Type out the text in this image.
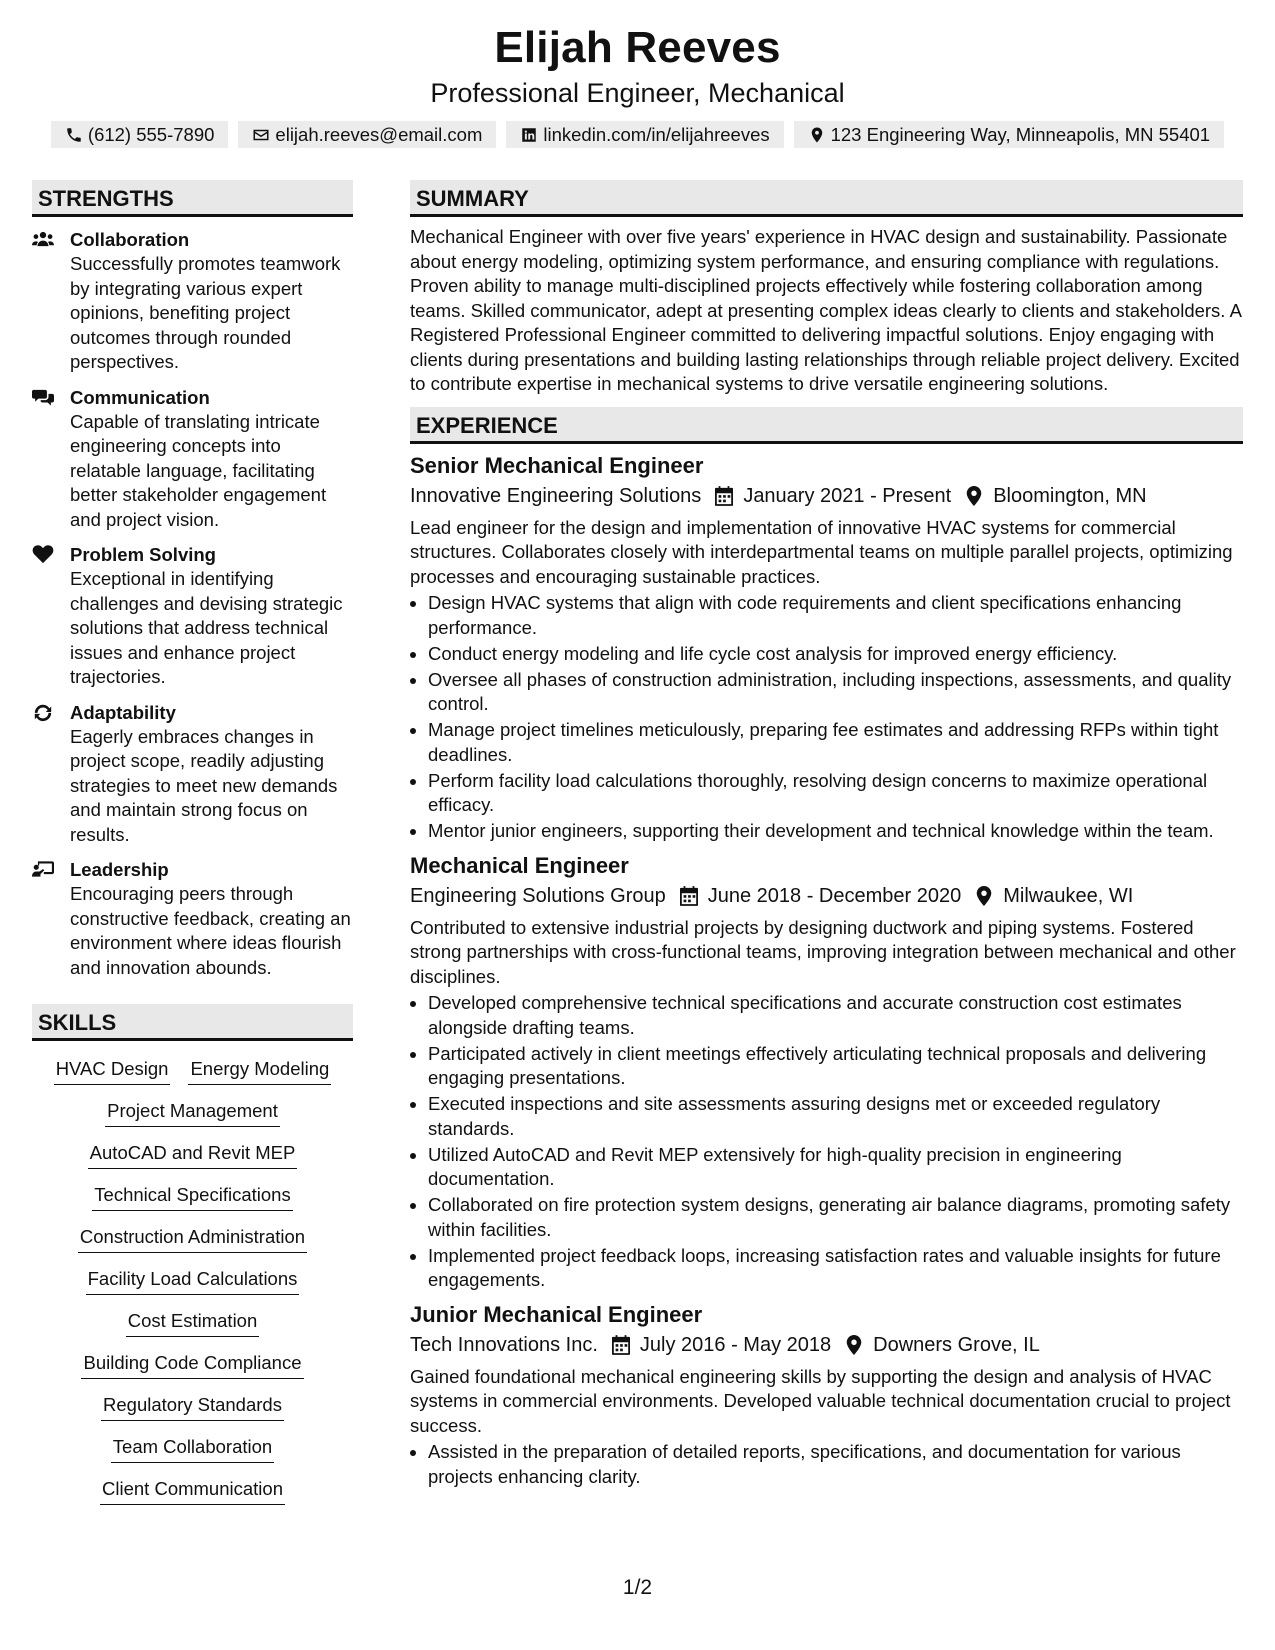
Elijah Reeves
Professional Engineer, Mechanical
(612) 555-7890	elijah.reeves@email.com	linkedin.com/in/elijahreeves	123 Engineering Way, Minneapolis, MN 55401
STRENGTHS
Collaboration
Successfully promotes teamwork by integrating various expert opinions, benefiting project outcomes through rounded perspectives.
Communication
Capable of translating intricate engineering concepts into relatable language, facilitating better stakeholder engagement and project vision.
Problem Solving
Exceptional in identifying challenges and devising strategic solutions that address technical issues and enhance project trajectories.
Adaptability
Eagerly embraces changes in project scope, readily adjusting strategies to meet new demands and maintain strong focus on results.
Leadership
Encouraging peers through constructive feedback, creating an environment where ideas flourish and innovation abounds.
SKILLS
HVAC Design Energy Modeling
Project Management
AutoCAD and Revit MEP
Technical Specifications
Construction Administration
Facility Load Calculations
Cost Estimation
Building Code Compliance
Regulatory Standards
Team Collaboration
Client Communication
SUMMARY
Mechanical Engineer with over five years' experience in HVAC design and sustainability. Passionate about energy modeling, optimizing system performance, and ensuring compliance with regulations. Proven ability to manage multi-disciplined projects effectively while fostering collaboration among teams. Skilled communicator, adept at presenting complex ideas clearly to clients and stakeholders. A Registered Professional Engineer committed to delivering impactful solutions. Enjoy engaging with clients during presentations and building lasting relationships through reliable project delivery. Excited to contribute expertise in mechanical systems to drive versatile engineering solutions.
EXPERIENCE
Senior Mechanical Engineer
Innovative Engineering Solutions January 2021 - Present Bloomington, MN
Lead engineer for the design and implementation of innovative HVAC systems for commercial structures. Collaborates closely with interdepartmental teams on multiple parallel projects, optimizing processes and encouraging sustainable practices.
• Design HVAC systems that align with code requirements and client specifications enhancing performance.
• Conduct energy modeling and life cycle cost analysis for improved energy efficiency.
• Oversee all phases of construction administration, including inspections, assessments, and quality control.
• Manage project timelines meticulously, preparing fee estimates and addressing RFPs within tight deadlines.
• Perform facility load calculations thoroughly, resolving design concerns to maximize operational efficacy.
• Mentor junior engineers, supporting their development and technical knowledge within the team.
Mechanical Engineer
Engineering Solutions Group June 2018 - December 2020 Milwaukee, WI
Contributed to extensive industrial projects by designing ductwork and piping systems. Fostered strong partnerships with cross-functional teams, improving integration between mechanical and other disciplines.
• Developed comprehensive technical specifications and accurate construction cost estimates alongside drafting teams.
• Participated actively in client meetings effectively articulating technical proposals and delivering engaging presentations.
• Executed inspections and site assessments assuring designs met or exceeded regulatory standards.
• Utilized AutoCAD and Revit MEP extensively for high-quality precision in engineering documentation.
• Collaborated on fire protection system designs, generating air balance diagrams, promoting safety within facilities.
• Implemented project feedback loops, increasing satisfaction rates and valuable insights for future engagements.
Junior Mechanical Engineer
Tech Innovations Inc. July 2016 - May 2018 Downers Grove, IL
Gained foundational mechanical engineering skills by supporting the design and analysis of HVAC systems in commercial environments. Developed valuable technical documentation crucial to project success.
• Assisted in the preparation of detailed reports, specifications, and documentation for various projects enhancing clarity.
1/2
